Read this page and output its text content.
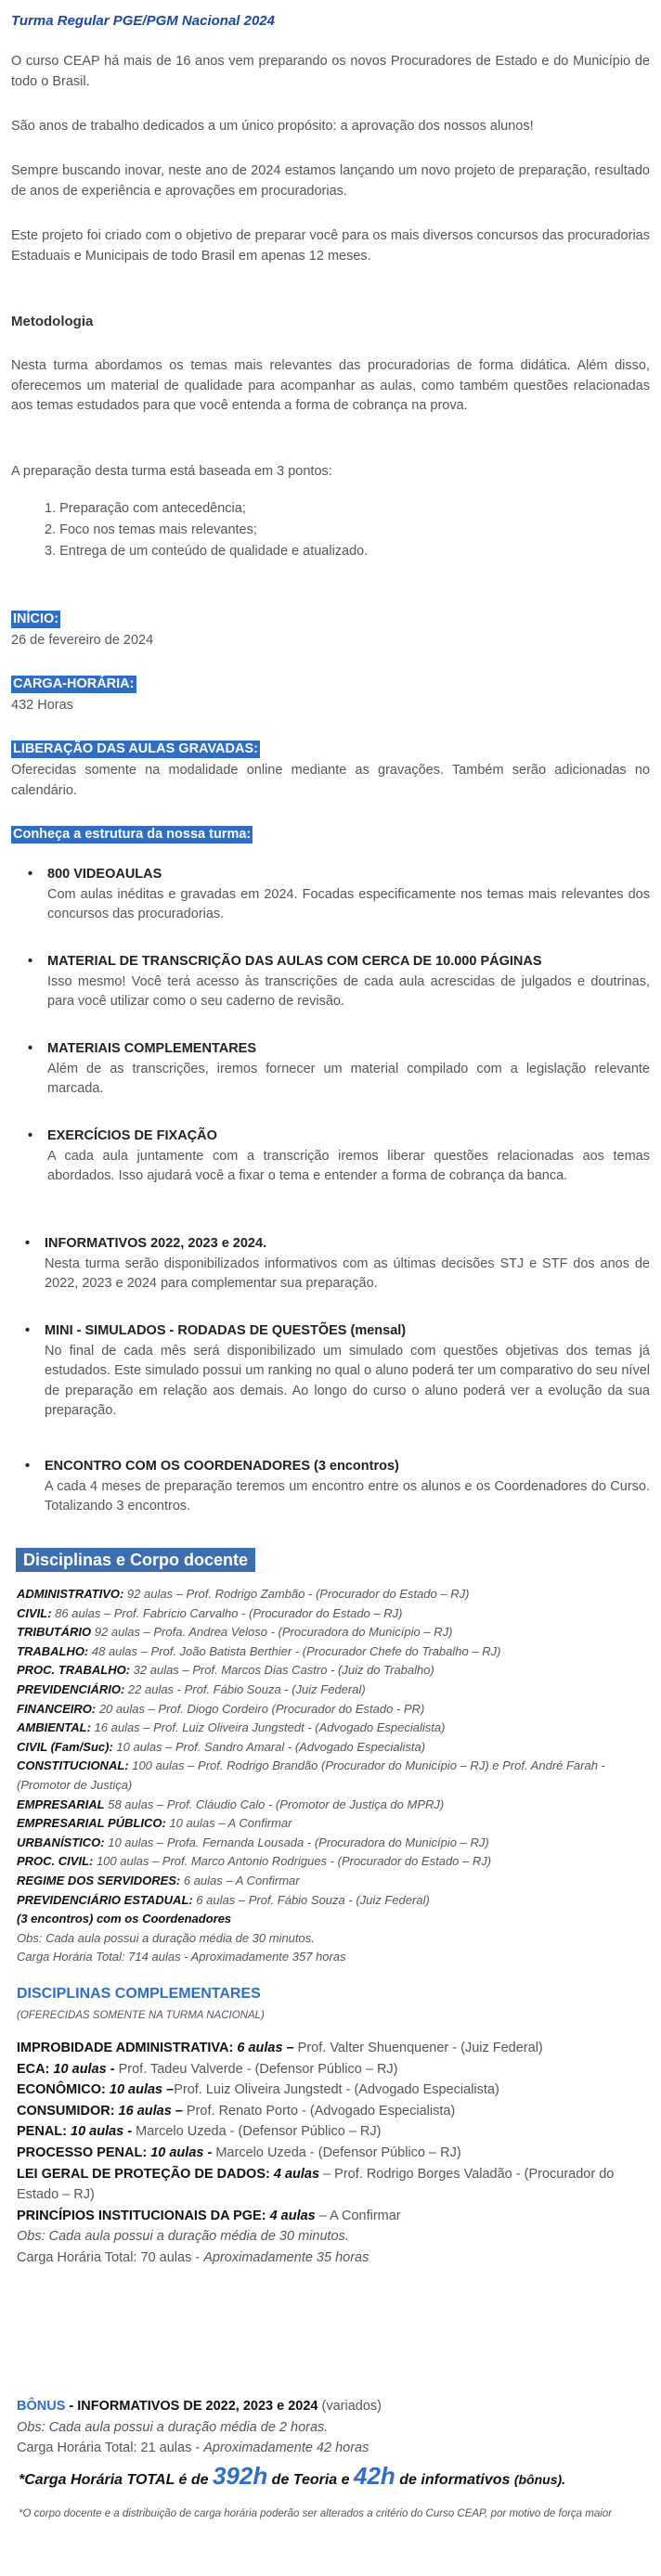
Turma Regular PGE/PGM Nacional 2024

O curso CEAP há mais de 16 anos vem preparando os novos Procuradores de Estado e do Município de todo o Brasil.

São anos de trabalho dedicados a um único propósito: a aprovação dos nossos alunos!

Sempre buscando inovar, neste ano de 2024 estamos lançando um novo projeto de preparação, resultado de anos de experiência e aprovações em procuradorias.

Este projeto foi criado com o objetivo de preparar você para os mais diversos concursos das procuradorias Estaduais e Municipais de todo Brasil em apenas 12 meses.

Metodologia

Nesta turma abordamos os temas mais relevantes das procuradorias de forma didática. Além disso, oferecemos um material de qualidade para acompanhar as aulas, como também questões relacionadas aos temas estudados para que você entenda a forma de cobrança na prova.

A preparação desta turma está baseada em 3 pontos:

1. Preparação com antecedência;
2. Foco nos temas mais relevantes;
3. Entrega de um conteúdo de qualidade e atualizado.
INÍCIO:
26 de fevereiro de 2024
CARGA-HORÁRIA:
432 Horas
LIBERAÇÃO DAS AULAS GRAVADAS:
Oferecidas somente na modalidade online mediante as gravações. Também serão adicionadas no calendário.
Conheça a estrutura da nossa turma:
• 800 VIDEOAULAS
Com aulas inéditas e gravadas em 2024. Focadas especificamente nos temas mais relevantes dos concursos das procuradorias.
• MATERIAL DE TRANSCRIÇÃO DAS AULAS COM CERCA DE 10.000 PÁGINAS
Isso mesmo! Você terá acesso às transcrições de cada aula acrescidas de julgados e doutrinas, para você utilizar como o seu caderno de revisão.
• MATERIAIS COMPLEMENTARES
Além de as transcrições, iremos fornecer um material compilado com a legislação relevante marcada.
• EXERCÍCIOS DE FIXAÇÃO
A cada aula juntamente com a transcrição iremos liberar questões relacionadas aos temas abordados. Isso ajudará você a fixar o tema e entender a forma de cobrança da banca.
• INFORMATIVOS 2022, 2023 e 2024.
Nesta turma serão disponibilizados informativos com as últimas decisões STJ e STF dos anos de 2022, 2023 e 2024 para complementar sua preparação.
• MINI - SIMULADOS - RODADAS DE QUESTÕES (mensal)
No final de cada mês será disponibilizado um simulado com questões objetivas dos temas já estudados. Este simulado possui um ranking no qual o aluno poderá ter um comparativo do seu nível de preparação em relação aos demais. Ao longo do curso o aluno poderá ver a evolução da sua preparação.
• ENCONTRO COM OS COORDENADORES (3 encontros)
A cada 4 meses de preparação teremos um encontro entre os alunos e os Coordenadores do Curso. Totalizando 3 encontros.
Disciplinas e Corpo docente
ADMINISTRATIVO: 92 aulas – Prof. Rodrigo Zambão - (Procurador do Estado – RJ)
CIVIL: 86 aulas – Prof. Fabrício Carvalho - (Procurador do Estado – RJ)
TRIBUTÁRIO 92 aulas – Profa. Andrea Veloso - (Procuradora do Município – RJ)
TRABALHO: 48 aulas – Prof. João Batista Berthier - (Procurador Chefe do Trabalho – RJ)
PROC. TRABALHO: 32 aulas – Prof. Marcos Dias Castro - (Juiz do Trabalho)
PREVIDENCIÁRIO: 22 aulas - Prof. Fábio Souza - (Juiz Federal)
FINANCEIRO: 20 aulas – Prof. Diogo Cordeiro (Procurador do Estado - PR)
AMBIENTAL: 16 aulas – Prof. Luiz Oliveira Jungstedt - (Advogado Especialista)
CIVIL (Fam/Suc): 10 aulas – Prof. Sandro Amaral - (Advogado Especialista)
CONSTITUCIONAL: 100 aulas – Prof. Rodrigo Brandão (Procurador do Município – RJ) e Prof. André Farah - (Promotor de Justiça)
EMPRESARIAL 58 aulas – Prof. Cláudio Calo - (Promotor de Justiça do MPRJ)
EMPRESARIAL PÚBLICO: 10 aulas – A Confirmar
URBANÍSTICO: 10 aulas – Profa. Fernanda Lousada - (Procuradora do Município – RJ)
PROC. CIVIL: 100 aulas – Prof. Marco Antonio Rodrigues - (Procurador do Estado – RJ)
REGIME DOS SERVIDORES: 6 aulas – A Confirmar
PREVIDENCIÁRIO ESTADUAL: 6 aulas – Prof. Fábio Souza - (Juiz Federal)
(3 encontros) com os Coordenadores
Obs: Cada aula possui a duração média de 30 minutos.
Carga Horária Total: 714 aulas - Aproximadamente 357 horas
DISCIPLINAS COMPLEMENTARES
(OFERECIDAS SOMENTE NA TURMA NACIONAL)
IMPROBIDADE ADMINISTRATIVA: 6 aulas – Prof. Valter Shuenquener - (Juiz Federal)
ECA: 10 aulas - Prof. Tadeu Valverde - (Defensor Público – RJ)
ECONÔMICO: 10 aulas –Prof. Luiz Oliveira Jungstedt - (Advogado Especialista)
CONSUMIDOR: 16 aulas – Prof. Renato Porto - (Advogado Especialista)
PENAL: 10 aulas - Marcelo Uzeda - (Defensor Público – RJ)
PROCESSO PENAL: 10 aulas - Marcelo Uzeda - (Defensor Público – RJ)
LEI GERAL DE PROTEÇÃO DE DADOS: 4 aulas – Prof. Rodrigo Borges Valadão - (Procurador do Estado – RJ)
PRINCÍPIOS INSTITUCIONAIS DA PGE: 4 aulas – A Confirmar
Obs: Cada aula possui a duração média de 30 minutos.
Carga Horária Total: 70 aulas - Aproximadamente 35 horas
BÔNUS - INFORMATIVOS DE 2022, 2023 e 2024 (variados)
Obs: Cada aula possui a duração média de 2 horas.
Carga Horária Total: 21 aulas - Aproximadamente 42 horas
*Carga Horária TOTAL é de 392h de Teoria e 42h de informativos (bônus).
*O corpo docente e a distribuição de carga horária poderão ser alterados a critério do Curso CEAP, por motivo de força maior
